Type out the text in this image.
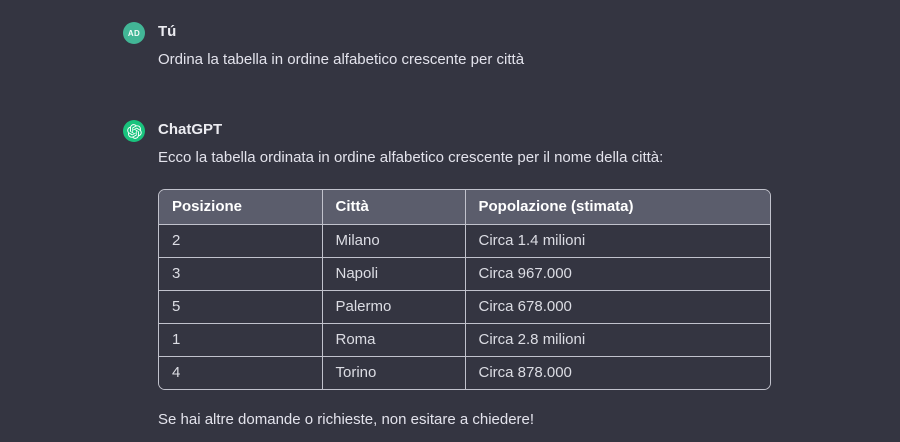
AD Tú
Ordina la tabella in ordine alfabetico crescente per città
ChatGPT
Ecco la tabella ordinata in ordine alfabetico crescente per il nome della città:
Posizione	Città	Popolazione (stimata)
2	Milano	Circa 1.4 milioni
3	Napoli	Circa 967.000
5	Palermo	Circa 678.000
1	Roma	Circa 2.8 milioni
4	Torino	Circa 878.000
Se hai altre domande o richieste, non esitare a chiedere!
